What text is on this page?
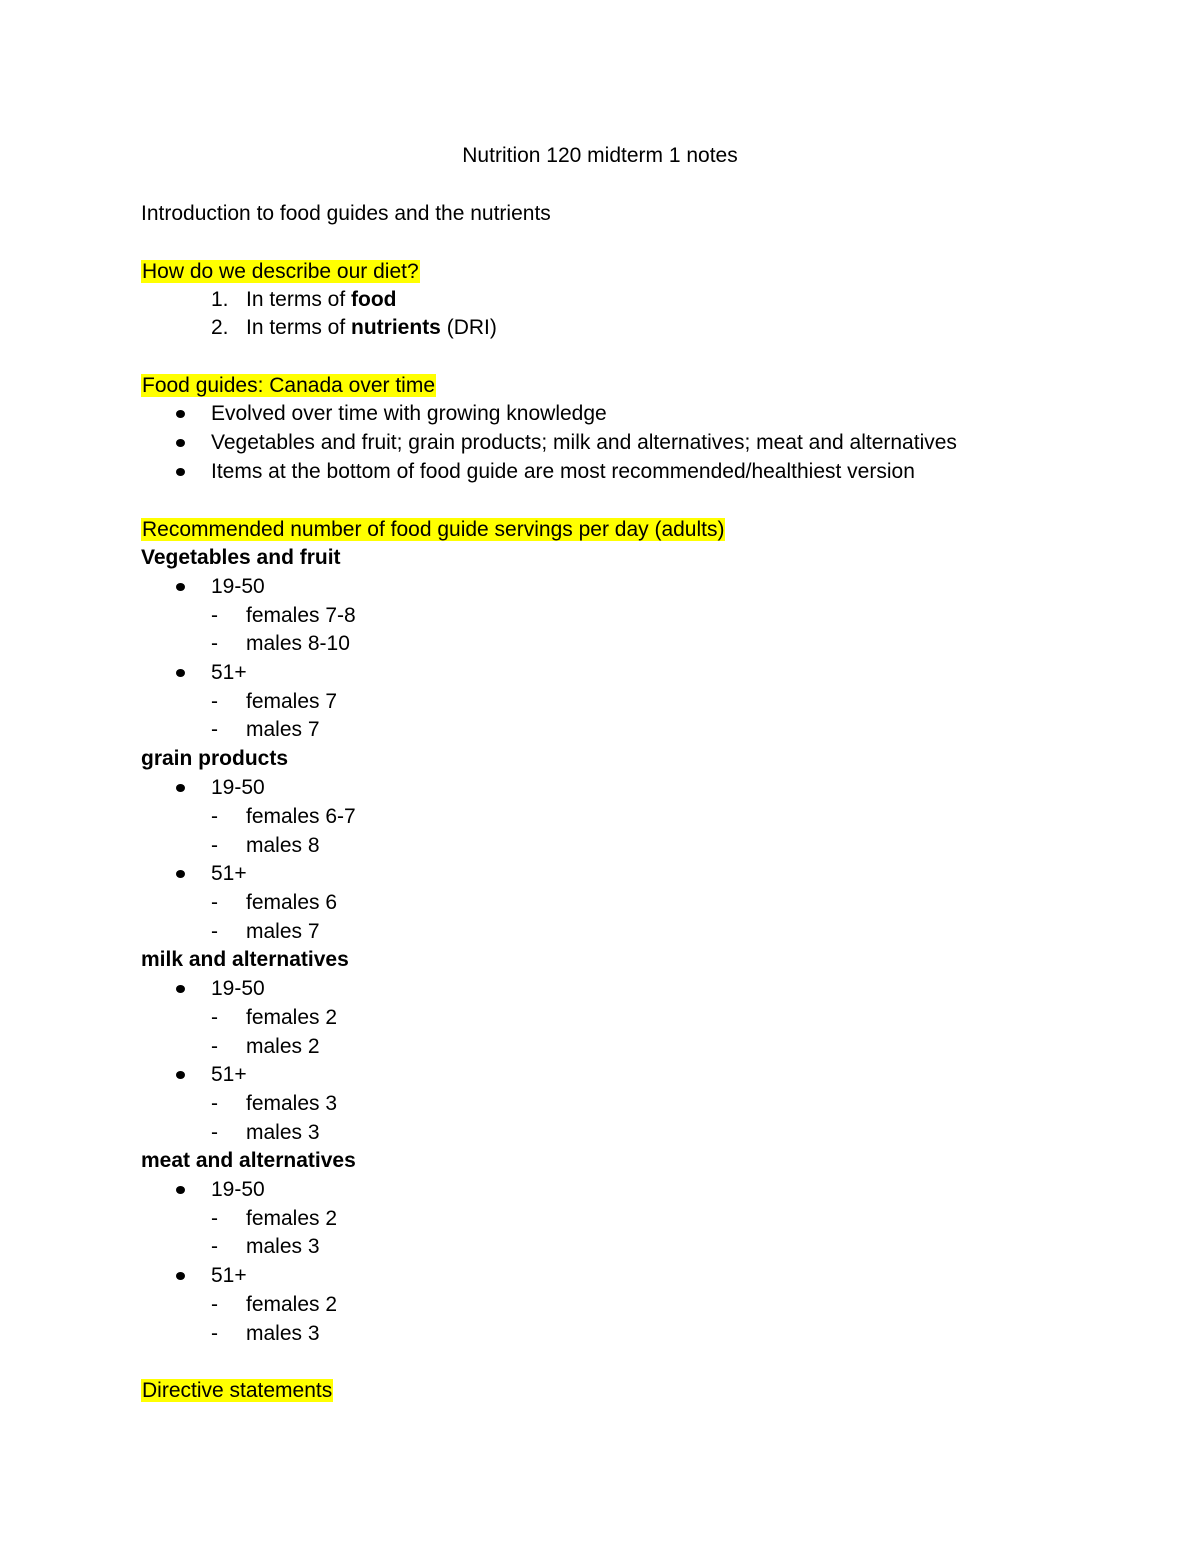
Nutrition 120 midterm 1 notes
Introduction to food guides and the nutrients
How do we describe our diet?
1. In terms of food
2. In terms of nutrients (DRI)
Food guides: Canada over time
Evolved over time with growing knowledge
Vegetables and fruit; grain products; milk and alternatives; meat and alternatives
Items at the bottom of food guide are most recommended/healthiest version
Recommended number of food guide servings per day (adults)
Vegetables and fruit
19-50
- females 7-8
- males 8-10
51+
- females 7
- males 7
grain products
19-50
- females 6-7
- males 8
51+
- females 6
- males 7
milk and alternatives
19-50
- females 2
- males 2
51+
- females 3
- males 3
meat and alternatives
19-50
- females 2
- males 3
51+
- females 2
- males 3
Directive statements
